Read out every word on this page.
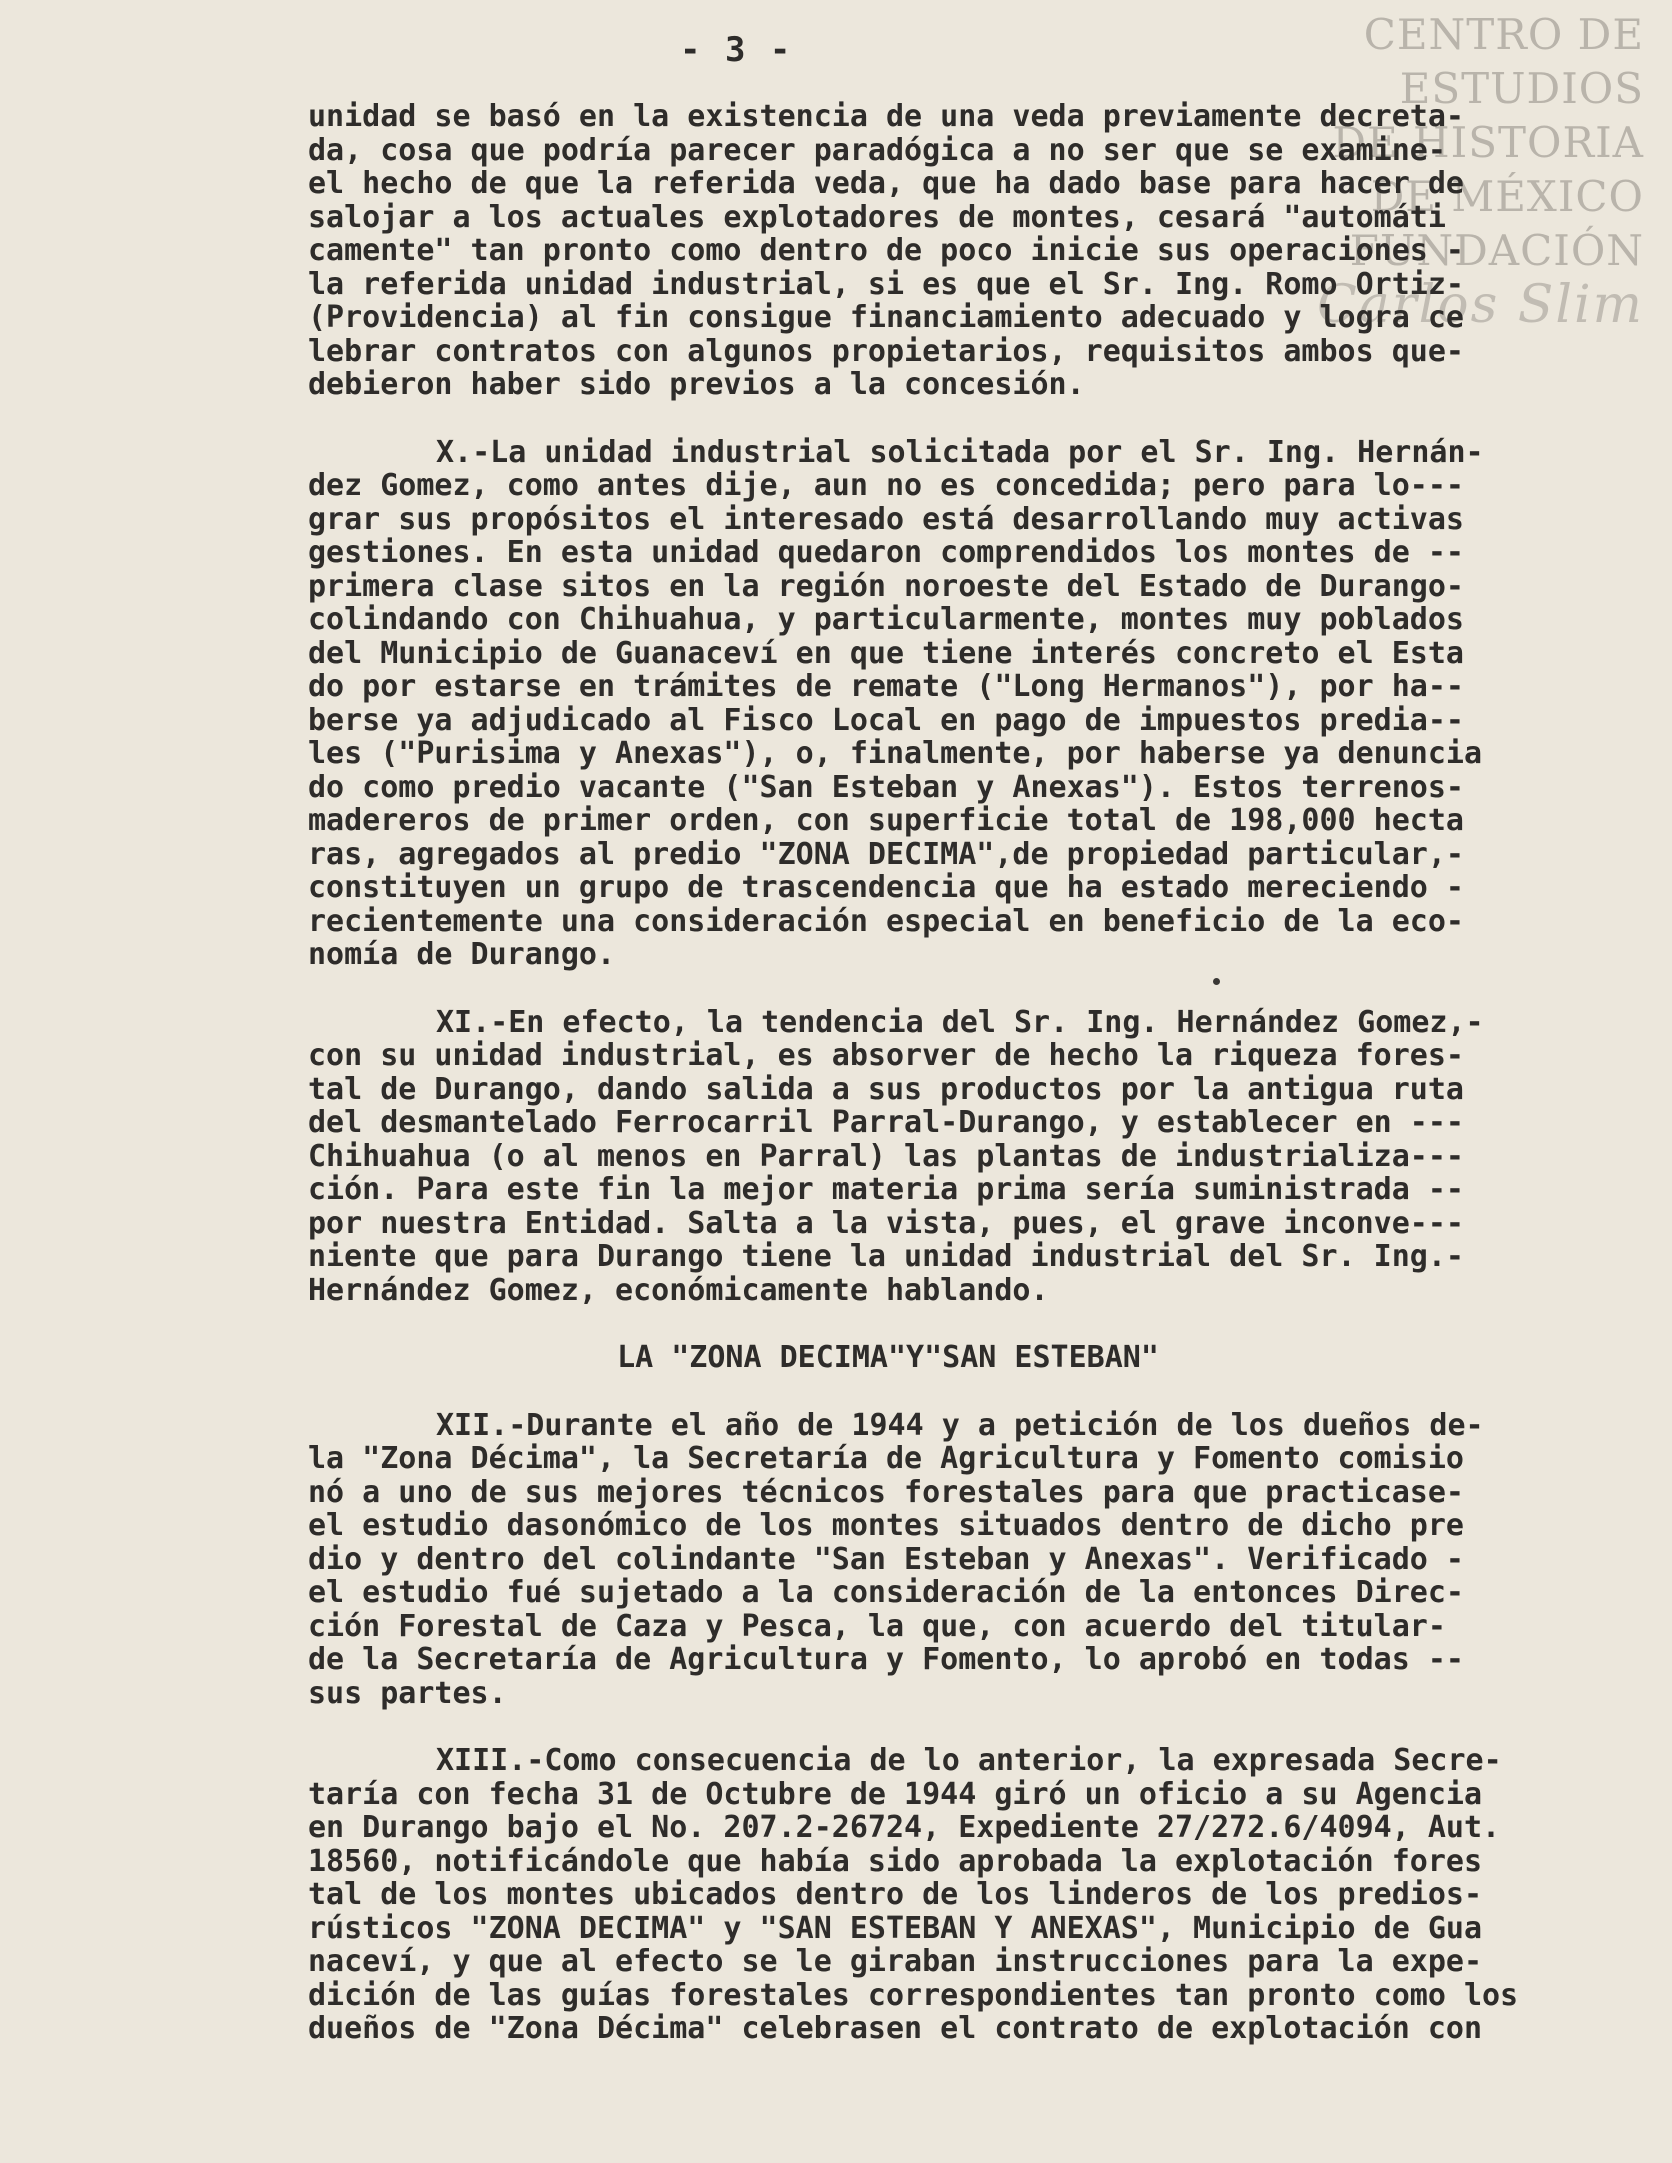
- 3 -	CENTRO DE
ESTUDIOS
DE HISTORIA
DE MÉXICO
FUNDACIÓN
Carlos Slim
unidad se basó en la existencia de una veda previamente decreta-
da, cosa que podría parecer paradógica a no ser que se examine-
el hecho de que la referida veda, que ha dado base para hacer de
salojar a los actuales explotadores de montes, cesará "automáti
camente" tan pronto como dentro de poco inicie sus operaciones -
la referida unidad industrial, si es que el Sr. Ing. Romo Ortiz-
(Providencia) al fin consigue financiamiento adecuado y logra ce
lebrar contratos con algunos propietarios, requisitos ambos que-
debieron haber sido previos a la concesión.
X.-La unidad industrial solicitada por el Sr. Ing. Hernán-
dez Gomez, como antes dije, aun no es concedida; pero para lo---
grar sus propósitos el interesado está desarrollando muy activas
gestiones. En esta unidad quedaron comprendidos los montes de --
primera clase sitos en la región noroeste del Estado de Durango-
colindando con Chihuahua, y particularmente, montes muy poblados
del Municipio de Guanaceví en que tiene interés concreto el Esta
do por estarse en trámites de remate ("Long Hermanos"), por ha--
berse ya adjudicado al Fisco Local en pago de impuestos predia--
les ("Purisima y Anexas"), o, finalmente, por haberse ya denuncia
do como predio vacante ("San Esteban y Anexas"). Estos terrenos-
madereros de primer orden, con superficie total de 198,000 hecta
ras, agregados al predio "ZONA DECIMA",de propiedad particular,-
constituyen un grupo de trascendencia que ha estado mereciendo -
recientemente una consideración especial en beneficio de la eco-
nomía de Durango.
XI.-En efecto, la tendencia del Sr. Ing. Hernández Gomez,-
con su unidad industrial, es absorver de hecho la riqueza fores-
tal de Durango, dando salida a sus productos por la antigua ruta
del desmantelado Ferrocarril Parral-Durango, y establecer en ---
Chihuahua (o al menos en Parral) las plantas de industrializa---
ción. Para este fin la mejor materia prima sería suministrada --
por nuestra Entidad. Salta a la vista, pues, el grave inconve---
niente que para Durango tiene la unidad industrial del Sr. Ing.-
Hernández Gomez, económicamente hablando.
LA "ZONA DECIMA"Y"SAN ESTEBAN"
XII.-Durante el año de 1944 y a petición de los dueños de-
la "Zona Décima", la Secretaría de Agricultura y Fomento comisio
nó a uno de sus mejores técnicos forestales para que practicase-
el estudio dasonómico de los montes situados dentro de dicho pre
dio y dentro del colindante "San Esteban y Anexas". Verificado -
el estudio fué sujetado a la consideración de la entonces Direc-
ción Forestal de Caza y Pesca, la que, con acuerdo del titular-
de la Secretaría de Agricultura y Fomento, lo aprobó en todas --
sus partes.
XIII.-Como consecuencia de lo anterior, la expresada Secre-
taría con fecha 31 de Octubre de 1944 giró un oficio a su Agencia
en Durango bajo el No. 207.2-26724, Expediente 27/272.6/4094, Aut.
18560, notificándole que había sido aprobada la explotación fores
tal de los montes ubicados dentro de los linderos de los predios-
rústicos "ZONA DECIMA" y "SAN ESTEBAN Y ANEXAS", Municipio de Gua
naceví, y que al efecto se le giraban instrucciones para la expe-
dición de las guías forestales correspondientes tan pronto como los
dueños de "Zona Décima" celebrasen el contrato de explotación con
